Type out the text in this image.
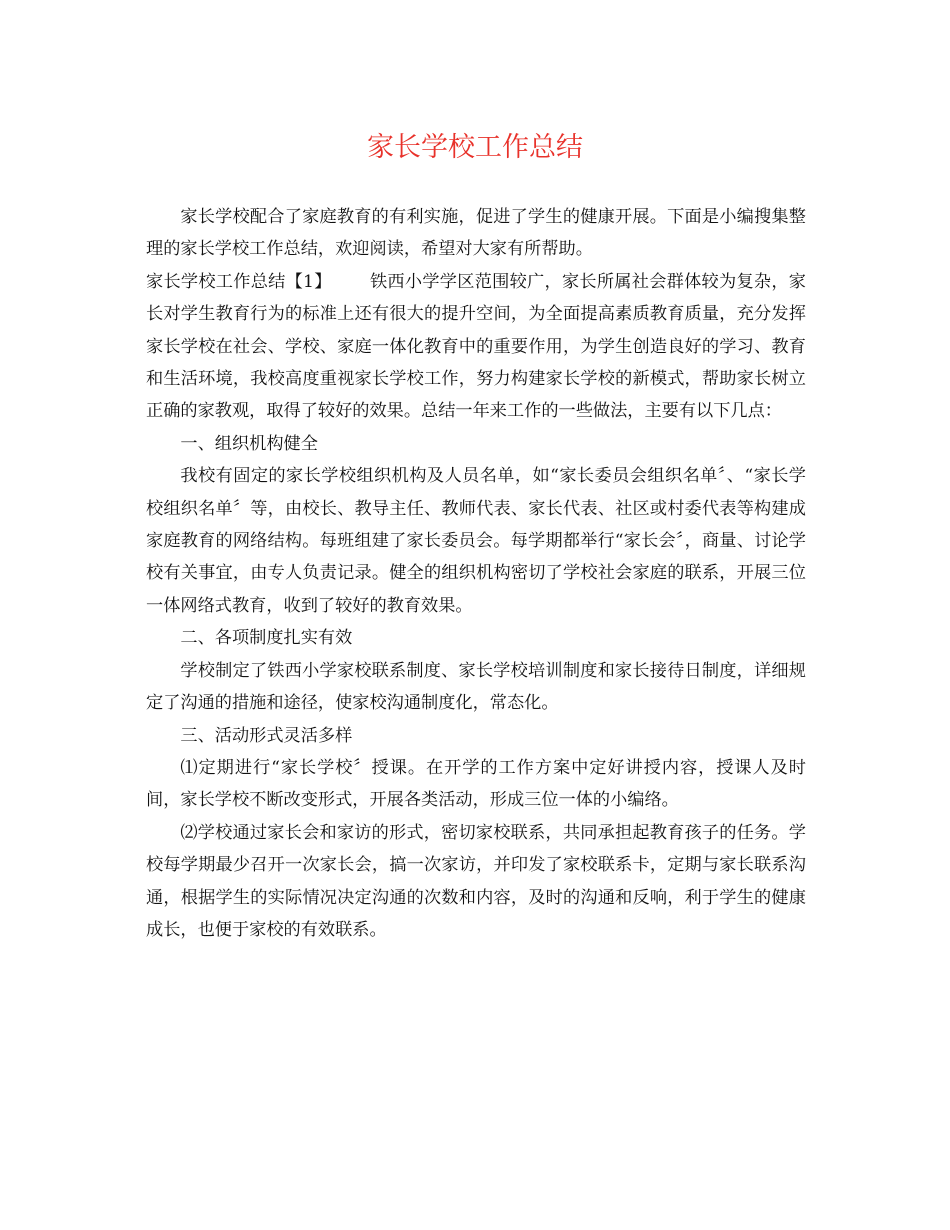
家长学校工作总结

家长学校配合了家庭教育的有利实施，促进了学生的健康开展。下面是小编搜集整理的家长学校工作总结，欢迎阅读，希望对大家有所帮助。

家长学校工作总结【1】 铁西小学学区范围较广，家长所属社会群体较为复杂，家长对学生教育行为的标准上还有很大的提升空间，为全面提高素质教育质量，充分发挥家长学校在社会、学校、家庭一体化教育中的重要作用，为学生创造良好的学习、教育和生活环境，我校高度重视家长学校工作，努力构建家长学校的新模式，帮助家长树立正确的家教观，取得了较好的效果。总结一年来工作的一些做法，主要有以下几点：

一、组织机构健全

我校有固定的家长学校组织机构及人员名单，如“家长委员会组织名单〞、“家长学校组织名单〞等，由校长、教导主任、教师代表、家长代表、社区或村委代表等构建成家庭教育的网络结构。每班组建了家长委员会。每学期都举行“家长会〞，商量、讨论学校有关事宜，由专人负责记录。健全的组织机构密切了学校社会家庭的联系，开展三位一体网络式教育，收到了较好的教育效果。

二、各项制度扎实有效

学校制定了铁西小学家校联系制度、家长学校培训制度和家长接待日制度，详细规定了沟通的措施和途径，使家校沟通制度化，常态化。

三、活动形式灵活多样

⑴定期进行“家长学校〞授课。在开学的工作方案中定好讲授内容，授课人及时间，家长学校不断改变形式，开展各类活动，形成三位一体的小编络。

⑵学校通过家长会和家访的形式，密切家校联系，共同承担起教育孩子的任务。学校每学期最少召开一次家长会，搞一次家访，并印发了家校联系卡，定期与家长联系沟通，根据学生的实际情况决定沟通的次数和内容，及时的沟通和反响，利于学生的健康成长，也便于家校的有效联系。
